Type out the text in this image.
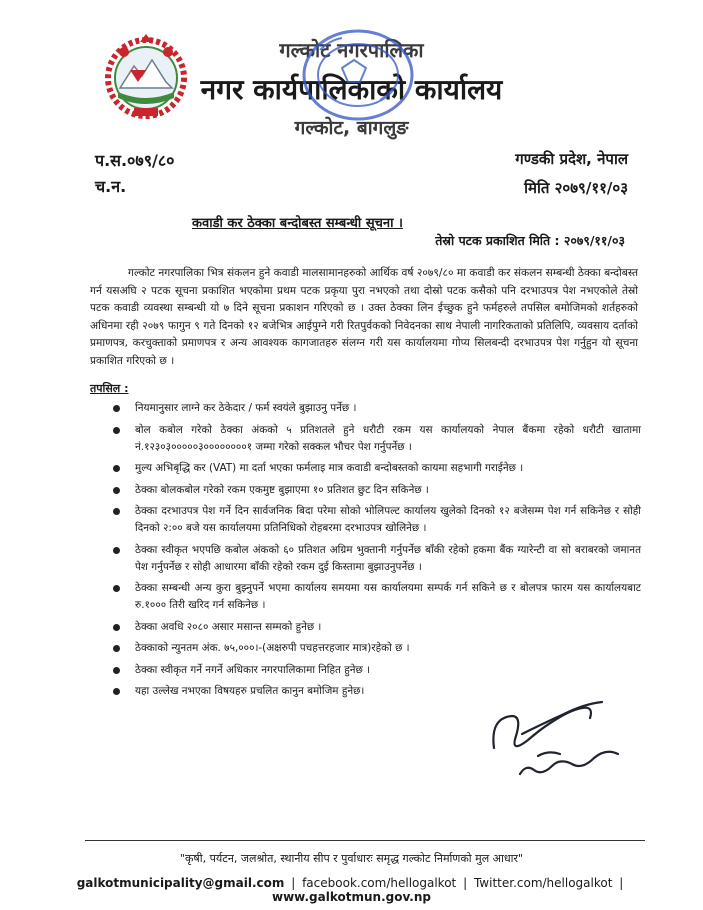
गल्कोट नगरपालिका
नगर कार्यपालिकाको कार्यालय
गल्कोट, बागलुङ
प.स.०७९/८०
च.न.
गण्डकी प्रदेश, नेपाल
मिति २०७९/११/०३
कवाडी कर ठेक्का बन्दोबस्त सम्बन्धी सूचना ।
तेस्रो पटक प्रकाशित मिति : २०७९/११/०३

गल्कोट नगरपालिका भित्र संकलन हुने कवाडी मालसामानहरुको आर्थिक वर्ष २०७९/८० मा कवाडी कर संकलन सम्बन्धी ठेक्का बन्दोबस्त गर्न यसअघि २ पटक सूचना प्रकाशित भएकोमा प्रथम पटक प्रकृया पुरा नभएको तथा दोस्रो पटक कसैको पनि दरभाउपत्र पेश नभएकोले तेस्रो पटक कवाडी व्यवस्था सम्बन्धी यो ७ दिने सूचना प्रकाशन गरिएको छ । उक्त ठेक्का लिन ईच्छुक हुने फर्महरुले तपसिल बमोजिमको शर्तहरुको अधिनमा रही २०७९ फागुन ९ गते दिनको १२ बजेभित्र आईपुग्ने गरी रितपुर्वकको निवेदनका साथ नेपाली नागरिकताको प्रतिलिपि, व्यवसाय दर्ताको प्रमाणपत्र, करचुक्ताको प्रमाणपत्र र अन्य आवश्यक कागजातहरु संलग्न गरी यस कार्यालयमा गोप्य सिलबन्दी दरभाउपत्र पेश गर्नुहुन यो सूचना प्रकाशित गरिएको छ ।

तपसिल :
नियमानुसार लाग्ने कर ठेकेदार / फर्म स्वयंले बुझाउनु पर्नेछ ।
बोल कबोल गरेको ठेक्का अंकको ५ प्रतिशतले हुने धरौटी रकम यस कार्यालयको नेपाल बैंकमा रहेको धरौटी खातामा नं.१२३०३०००००३००००००००१ जम्मा गरेको सक्कल भौचर पेश गर्नुपर्नेछ ।
मुल्य अभिबृद्धि कर (VAT) मा दर्ता भएका फर्मलाइ मात्र कवाडी बन्दोबस्तको कायमा सहभागी गराईनेछ ।
ठेक्का बोलकबोल गरेको रकम एकमुष्ट बुझाएमा १० प्रतिशत छुट दिन सकिनेछ ।
ठेक्का दरभाउपत्र पेश गर्ने दिन सार्वजनिक बिदा परेमा सोको भोलिपल्ट कार्यालय खुलेको दिनको १२ बजेसम्म पेश गर्न सकिनेछ र सोही दिनको २:०० बजे यस कार्यालयमा प्रतिनिधिको रोहबरमा दरभाउपत्र खोलिनेछ ।
ठेक्का स्वीकृत भएपछि कबोल अंकको ६० प्रतिशत अग्रिम भुक्तानी गर्नुपर्नेछ बाँकी रहेको हकमा बैंक ग्यारेन्टी वा सो बराबरको जमानत पेश गर्नुपर्नेछ र सोही आधारमा बाँकी रहेको रकम दुई किस्तामा बुझाउनुपर्नेछ ।
ठेक्का सम्बन्धी अन्य कुरा बुझ्नुपर्ने भएमा कार्यालय समयमा यस कार्यालयमा सम्पर्क गर्न सकिने छ र बोलपत्र फारम यस कार्यालयबाट रु.१००० तिरी खरिद गर्न सकिनेछ ।
ठेक्का अवधि २०८० असार मसान्त सम्मको हुनेछ ।
ठेक्काको न्युनतम अंक. ७५,०००।-(अक्षरुपी पचहत्तरहजार मात्र)रहेको छ ।
ठेक्का स्वीकृत गर्ने नगर्ने अधिकार नगरपालिकामा निहित हुनेछ ।
यहा उल्लेख नभएका विषयहरु प्रचलित कानुन बमोजिम हुनेछ।
"कृषी, पर्यटन, जलश्रोत, स्थानीय सीप र पुर्वाधारः समृद्ध गल्कोट निर्माणको मुल आधार"
galkotmunicipality@gmail.com | facebook.com/hellogalkot | Twitter.com/hellogalkot | www.galkotmun.gov.np
